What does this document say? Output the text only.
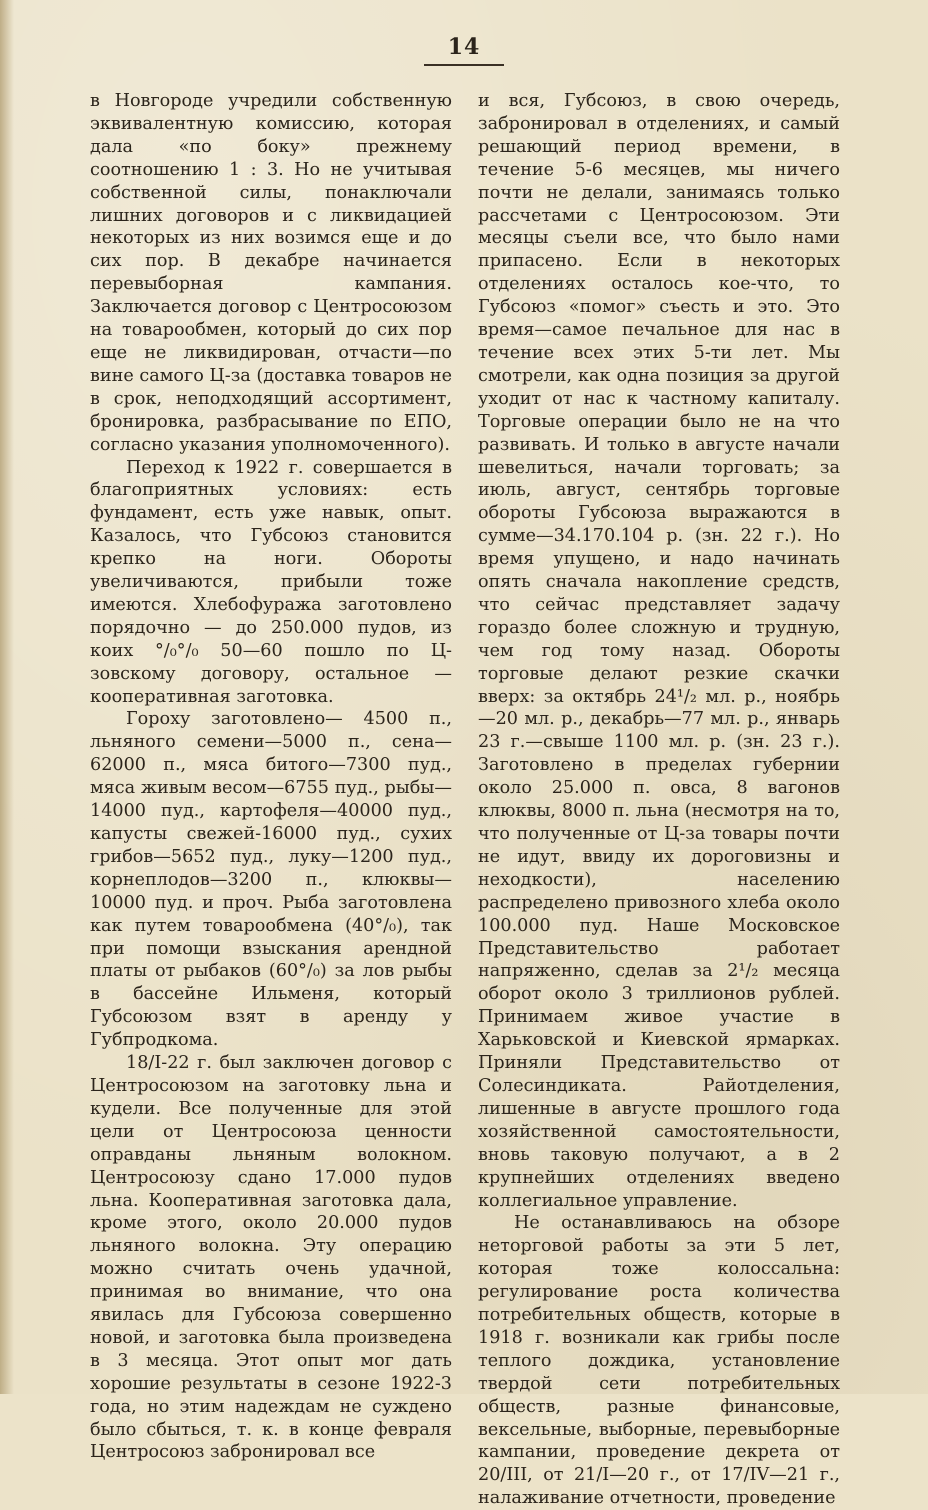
14

в Новгороде учредили собственную эквивалентную комиссию, которая дала «по боку» прежнему соотношению 1 : 3. Но не учитывая собственной силы, понаключали лишних договоров и с ликвидацией некоторых из них возимся еще и до сих пор. В декабре начинается перевыборная кампания. Заключается договор с Центросоюзом на товарообмен, который до сих пор еще не ликвидирован, отчасти—по вине самого Ц-за (доставка товаров не в срок, неподходящий ассортимент, бронировка, разбрасывание по ЕПО, согласно указания уполномоченного).

Переход к 1922 г. совершается в благоприятных условиях: есть фундамент, есть уже навык, опыт. Казалось, что Губсоюз становится крепко на ноги. Обороты увеличиваются, прибыли тоже имеются. Хлебофуража заготовлено порядочно — до 250.000 пудов, из коих °/₀°/₀ 50—60 пошло по Ц-зовскому договору, остальное — кооперативная заготовка.

Гороху заготовлено— 4500 п., льняного семени—5000 п., сена—62000 п., мяса битого—7300 пуд., мяса живым весом—6755 пуд., рыбы—14000 пуд., картофеля—40000 пуд., капусты свежей-16000 пуд., сухих грибов—5652 пуд., луку—1200 пуд., корнеплодов—3200 п., клюквы—10000 пуд. и проч. Рыба заготовлена как путем товарообмена (40°/₀), так при помощи взыскания арендной платы от рыбаков (60°/₀) за лов рыбы в бассейне Ильменя, который Губсоюзом взят в аренду у Губпродкома.

18/I-22 г. был заключен договор с Центросоюзом на заготовку льна и кудели. Все полученные для этой цели от Центросоюза ценности оправданы льняным волокном. Центросоюзу сдано 17.000 пудов льна. Кооперативная заготовка дала, кроме этого, около 20.000 пудов льняного волокна. Эту операцию можно считать очень удачной, принимая во внимание, что она явилась для Губсоюза совершенно новой, и заготовка была произведена в 3 месяца. Этот опыт мог дать хорошие результаты в сезоне 1922-3 года, но этим надеждам не суждено было сбыться, т. к. в конце февраля Центросоюз забронировал все

и вся, Губсоюз, в свою очередь, забронировал в отделениях, и самый решающий период времени, в течение 5-6 месяцев, мы ничего почти не делали, занимаясь только рассчетами с Центросоюзом. Эти месяцы съели все, что было нами припасено. Если в некоторых отделениях осталось кое-что, то Губсоюз «помог» съесть и это. Это время—самое печальное для нас в течение всех этих 5-ти лет. Мы смотрели, как одна позиция за другой уходит от нас к частному капиталу. Торговые операции было не на что развивать. И только в августе начали шевелиться, начали торговать; за июль, август, сентябрь торговые обороты Губсоюза выражаются в сумме—34.170.104 р. (зн. 22 г.). Но время упущено, и надо начинать опять сначала накопление средств, что сейчас представляет задачу гораздо более сложную и трудную, чем год тому назад. Обороты торговые делают резкие скачки вверх: за октябрь 24¹/₂ мл. р., ноябрь—20 мл. р., декабрь—77 мл. р., январь 23 г.—свыше 1100 мл. р. (зн. 23 г.). Заготовлено в пределах губернии около 25.000 п. овса, 8 вагонов клюквы, 8000 п. льна (несмотря на то, что полученные от Ц-за товары почти не идут, ввиду их дороговизны и неходкости), населению распределено привозного хлеба около 100.000 пуд. Наше Московское Представительство работает напряженно, сделав за 2¹/₂ месяца оборот около 3 триллионов рублей. Принимаем живое участие в Харьковской и Киевской ярмарках. Приняли Представительство от Солесиндиката. Райотделения, лишенные в августе прошлого года хозяйственной самостоятельности, вновь таковую получают, а в 2 крупнейших отделениях введено коллегиальное управление.

Не останавливаюсь на обзоре неторговой работы за эти 5 лет, которая тоже колоссальна: регулирование роста количества потребительных обществ, которые в 1918 г. возникали как грибы после теплого дождика, установление твердой сети потребительных обществ, разные финансовые, вексельные, выборные, перевыборные кампании, проведение декрета от 20/III, от 21/I—20 г., от 17/IV—21 г., налаживание отчетности, проведение
